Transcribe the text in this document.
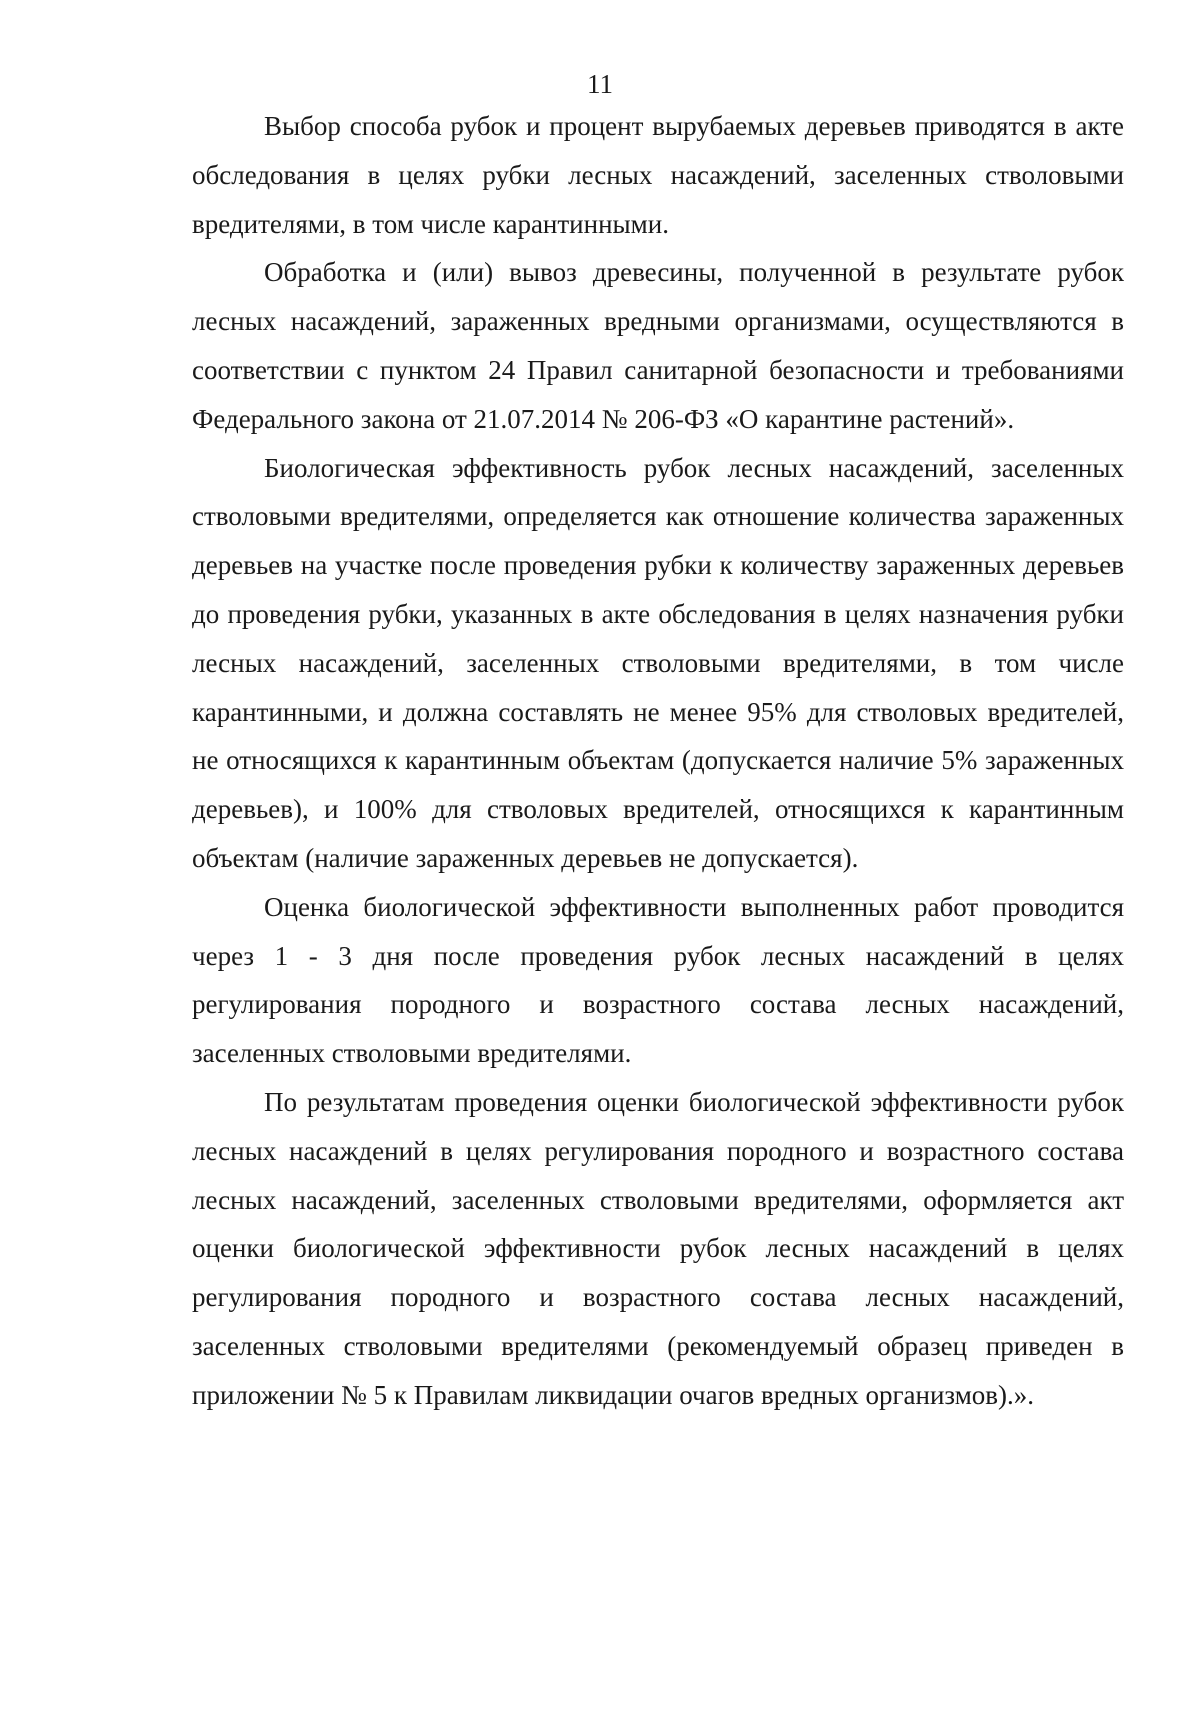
11

Выбор способа рубок и процент вырубаемых деревьев приводятся в акте обследования в целях рубки лесных насаждений, заселенных стволовыми вредителями, в том числе карантинными.

Обработка и (или) вывоз древесины, полученной в результате рубок лесных насаждений, зараженных вредными организмами, осуществляются в соответствии с пунктом 24 Правил санитарной безопасности и требованиями Федерального закона от 21.07.2014 № 206-ФЗ «О карантине растений».

Биологическая эффективность рубок лесных насаждений, заселенных стволовыми вредителями, определяется как отношение количества зараженных деревьев на участке после проведения рубки к количеству зараженных деревьев до проведения рубки, указанных в акте обследования в целях назначения рубки лесных насаждений, заселенных стволовыми вредителями, в том числе карантинными, и должна составлять не менее 95% для стволовых вредителей, не относящихся к карантинным объектам (допускается наличие 5% зараженных деревьев), и 100% для стволовых вредителей, относящихся к карантинным объектам (наличие зараженных деревьев не допускается).

Оценка биологической эффективности выполненных работ проводится через 1 - 3 дня после проведения рубок лесных насаждений в целях регулирования породного и возрастного состава лесных насаждений, заселенных стволовыми вредителями.

По результатам проведения оценки биологической эффективности рубок лесных насаждений в целях регулирования породного и возрастного состава лесных насаждений, заселенных стволовыми вредителями, оформляется акт оценки биологической эффективности рубок лесных насаждений в целях регулирования породного и возрастного состава лесных насаждений, заселенных стволовыми вредителями (рекомендуемый образец приведен в приложении № 5 к Правилам ликвидации очагов вредных организмов).».
